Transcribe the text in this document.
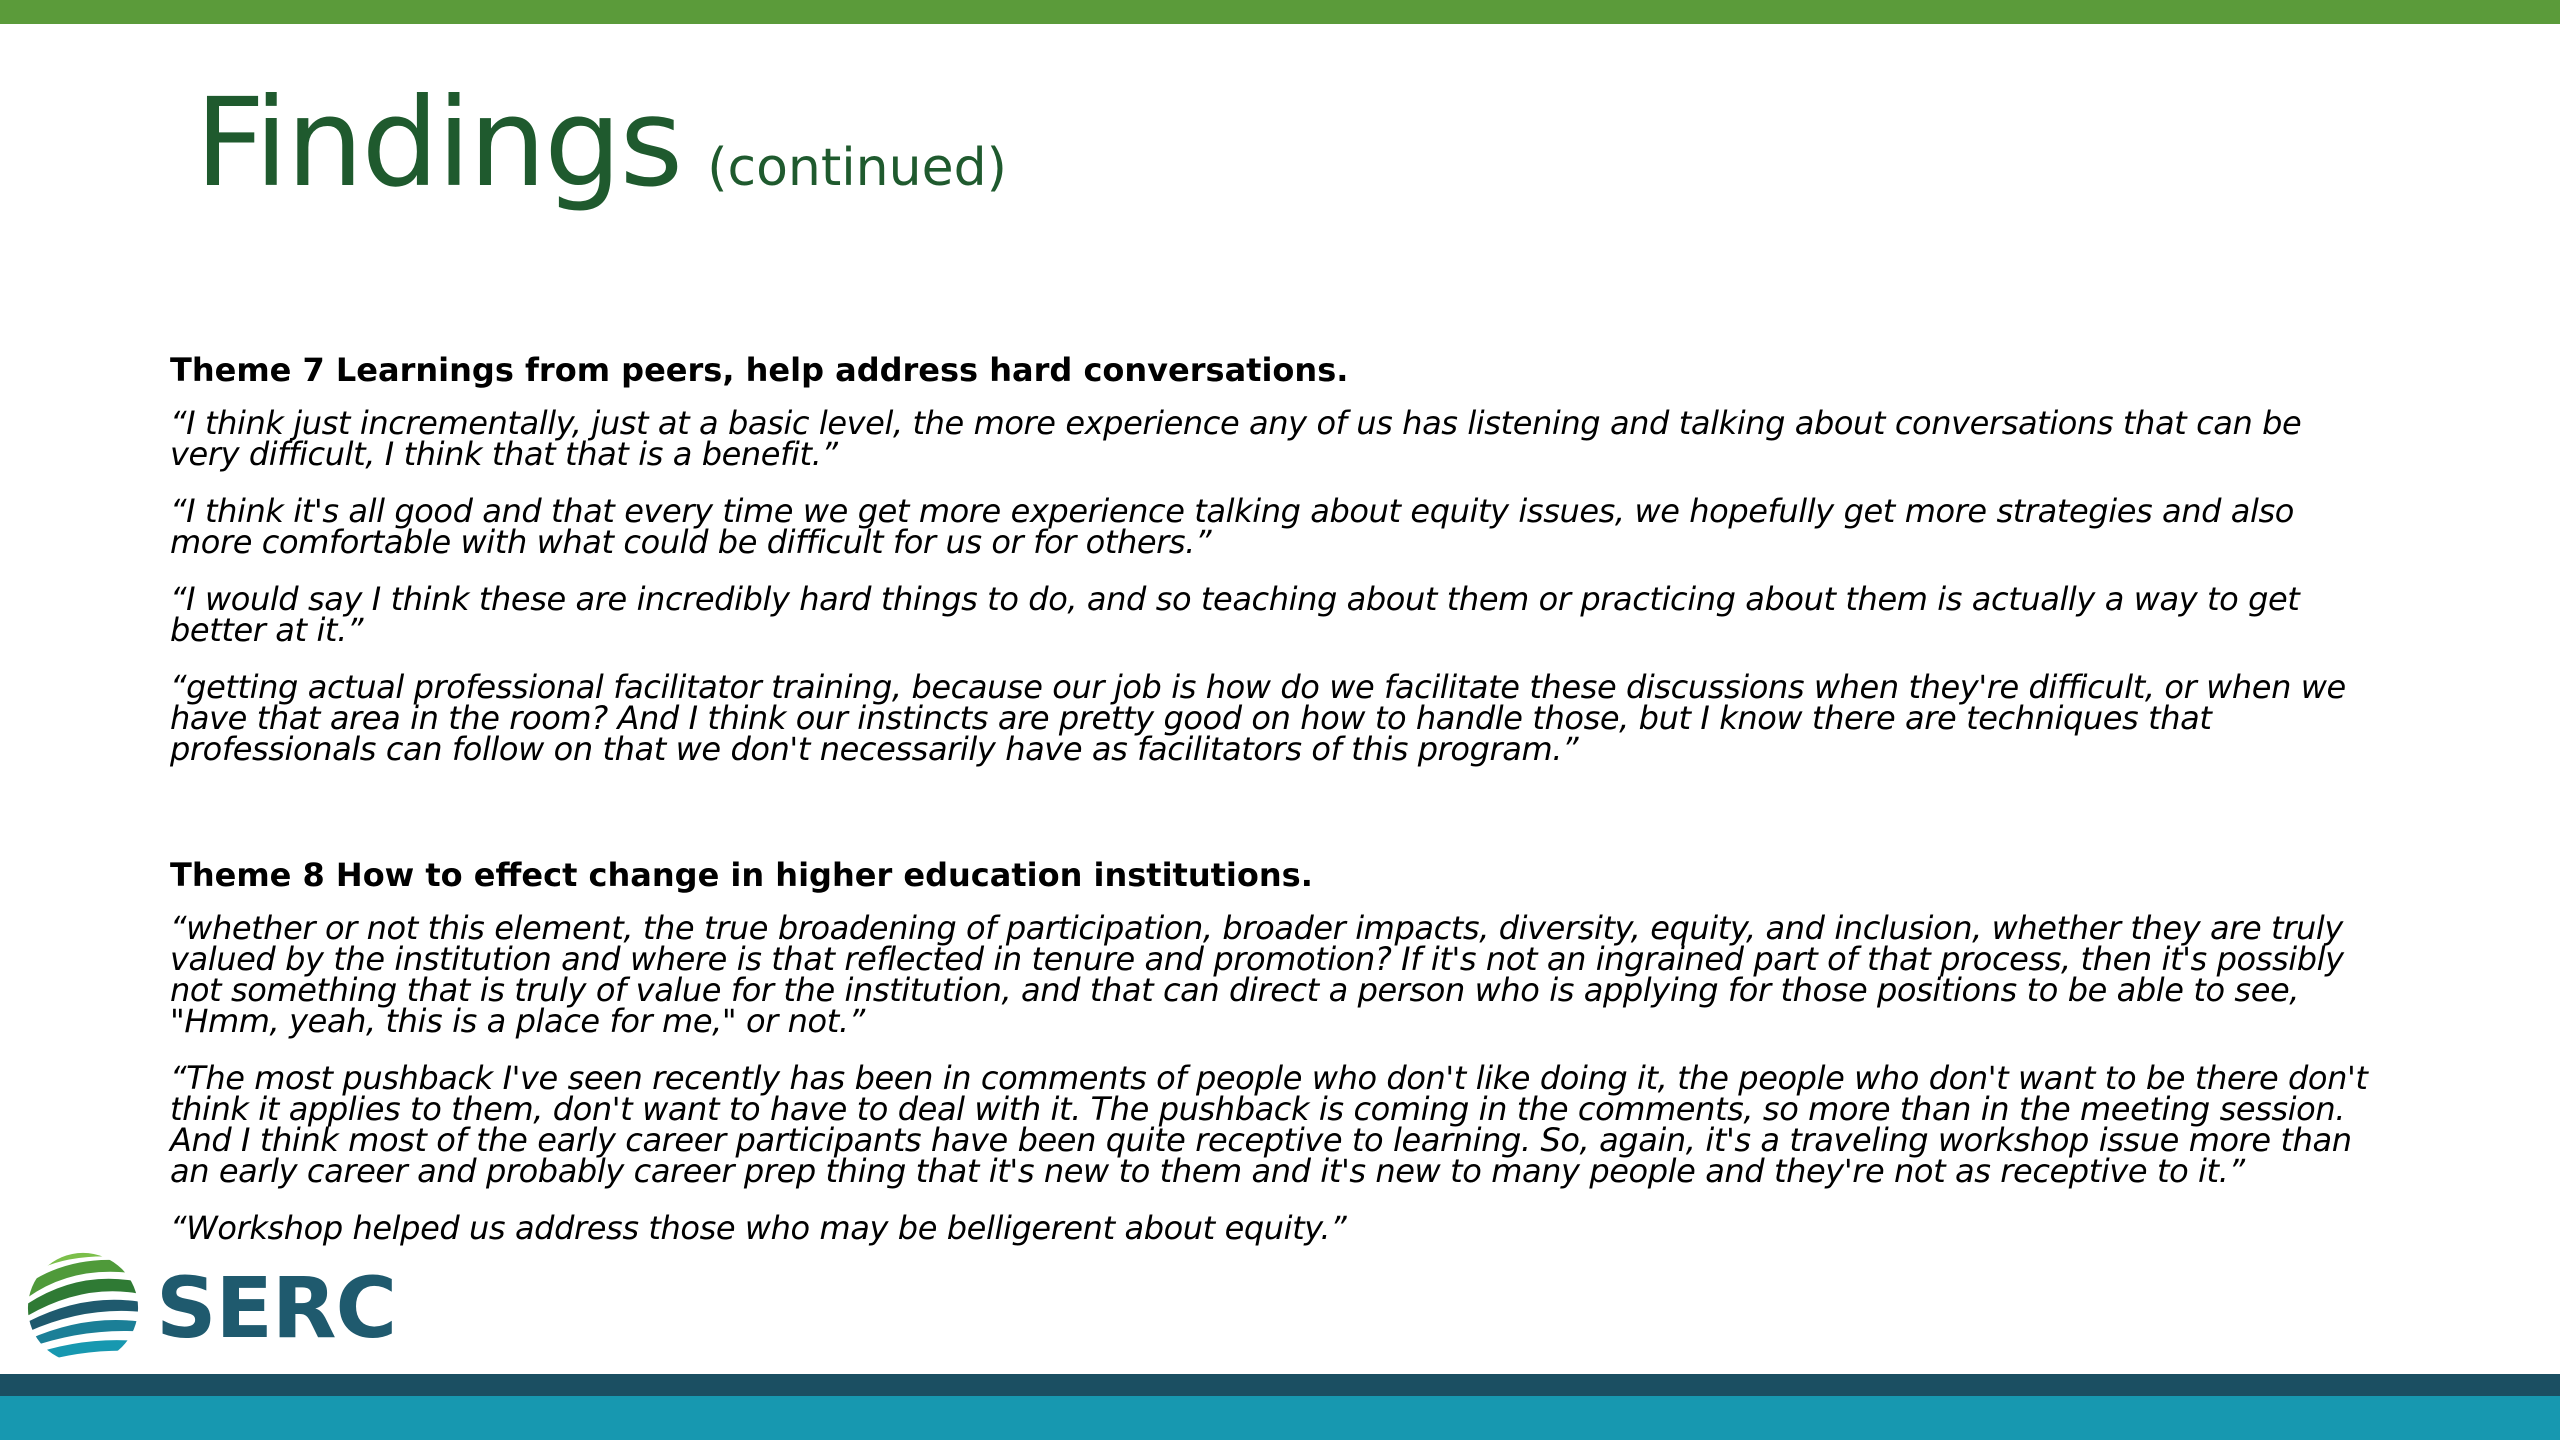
Findings (continued)

Theme 7 Learnings from peers, help address hard conversations.

“I think just incrementally, just at a basic level, the more experience any of us has listening and talking about conversations that can be very difficult, I think that that is a benefit.”

“I think it's all good and that every time we get more experience talking about equity issues, we hopefully get more strategies and also more comfortable with what could be difficult for us or for others.”

“I would say I think these are incredibly hard things to do, and so teaching about them or practicing about them is actually a way to get better at it.”

“getting actual professional facilitator training, because our job is how do we facilitate these discussions when they're difficult, or when we have that area in the room? And I think our instincts are pretty good on how to handle those, but I know there are techniques that professionals can follow on that we don't necessarily have as facilitators of this program.”

Theme 8 How to effect change in higher education institutions.

“whether or not this element, the true broadening of participation, broader impacts, diversity, equity, and inclusion, whether they are truly valued by the institution and where is that reflected in tenure and promotion? If it's not an ingrained part of that process, then it's possibly not something that is truly of value for the institution, and that can direct a person who is applying for those positions to be able to see, "Hmm, yeah, this is a place for me," or not.”

“The most pushback I've seen recently has been in comments of people who don't like doing it, the people who don't want to be there don't think it applies to them, don't want to have to deal with it. The pushback is coming in the comments, so more than in the meeting session. And I think most of the early career participants have been quite receptive to learning. So, again, it's a traveling workshop issue more than an early career and probably career prep thing that it's new to them and it's new to many people and they're not as receptive to it.”

“Workshop helped us address those who may be belligerent about equity.”

SERC
